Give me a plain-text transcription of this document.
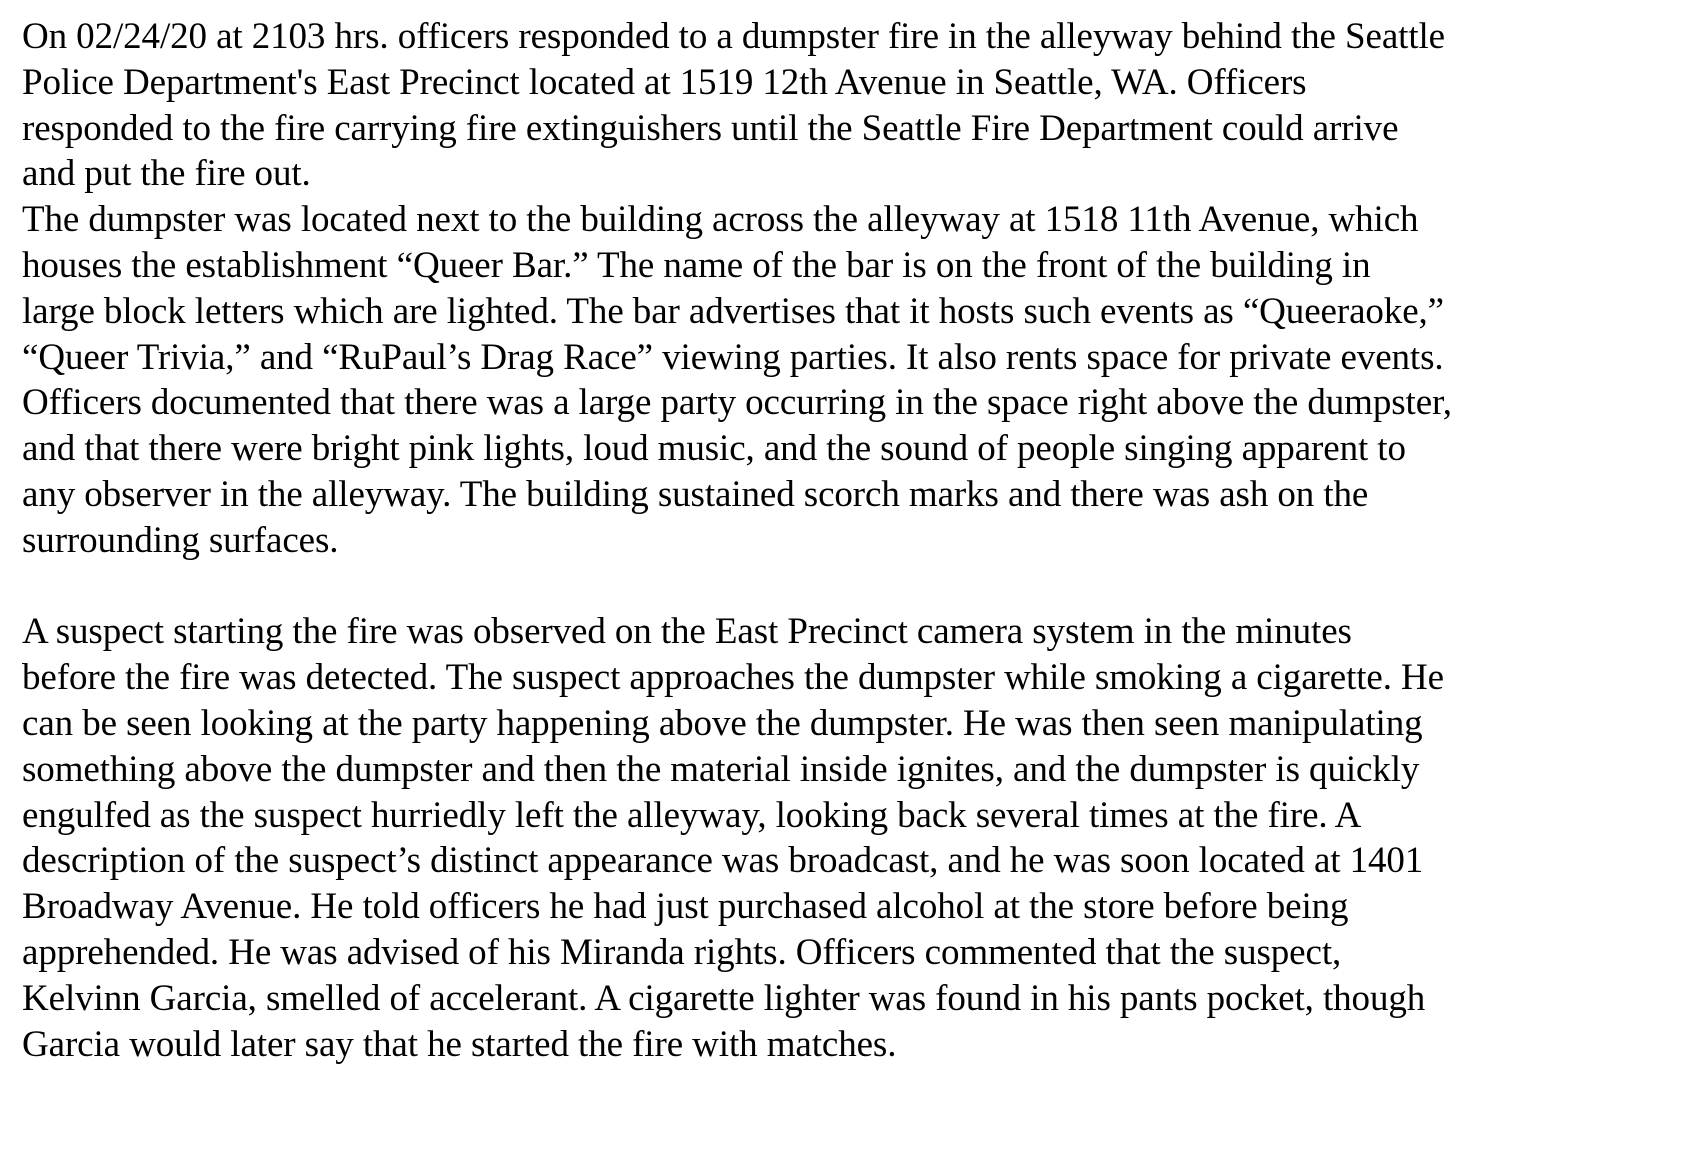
On 02/24/20 at 2103 hrs. officers responded to a dumpster fire in the alleyway behind the Seattle
Police Department's East Precinct located at 1519 12th Avenue in Seattle, WA. Officers
responded to the fire carrying fire extinguishers until the Seattle Fire Department could arrive
and put the fire out.
The dumpster was located next to the building across the alleyway at 1518 11th Avenue, which
houses the establishment “Queer Bar.” The name of the bar is on the front of the building in
large block letters which are lighted. The bar advertises that it hosts such events as “Queeraoke,”
“Queer Trivia,” and “RuPaul’s Drag Race” viewing parties. It also rents space for private events.
Officers documented that there was a large party occurring in the space right above the dumpster,
and that there were bright pink lights, loud music, and the sound of people singing apparent to
any observer in the alleyway. The building sustained scorch marks and there was ash on the
surrounding surfaces.
A suspect starting the fire was observed on the East Precinct camera system in the minutes
before the fire was detected. The suspect approaches the dumpster while smoking a cigarette. He
can be seen looking at the party happening above the dumpster. He was then seen manipulating
something above the dumpster and then the material inside ignites, and the dumpster is quickly
engulfed as the suspect hurriedly left the alleyway, looking back several times at the fire. A
description of the suspect’s distinct appearance was broadcast, and he was soon located at 1401
Broadway Avenue. He told officers he had just purchased alcohol at the store before being
apprehended. He was advised of his Miranda rights. Officers commented that the suspect,
Kelvinn Garcia, smelled of accelerant. A cigarette lighter was found in his pants pocket, though
Garcia would later say that he started the fire with matches.
